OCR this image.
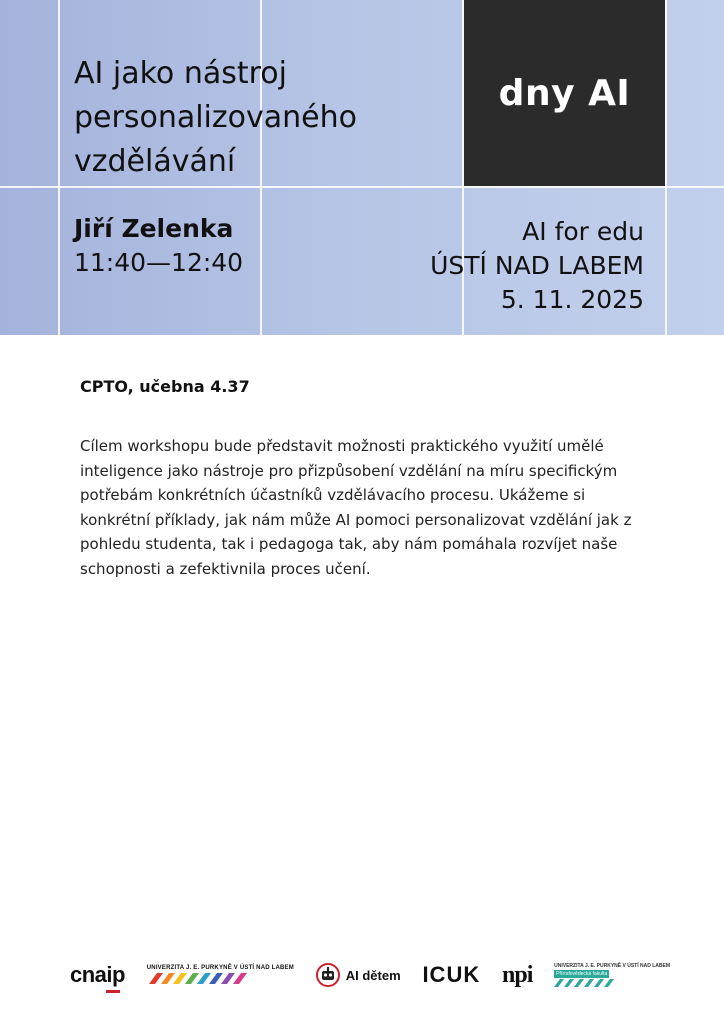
dny AI
AI jako nástroj personalizovaného vzdělávání
Jiří Zelenka
11:40—12:40
AI for edu
ÚSTÍ NAD LABEM
5. 11. 2025
CPTO, učebna 4.37

Cílem workshopu bude představit možnosti praktického využití umělé inteligence jako nástroje pro přizpůsobení vzdělání na míru specifickým potřebám konkrétních účastníků vzdělávacího procesu. Ukážeme si konkrétní příklady, jak nám může AI pomoci personalizovat vzdělání jak z pohledu studenta, tak i pedagoga tak, aby nám pomáhala rozvíjet naše schopnosti a zefektivnila proces učení.

cnaip	UNIVERZITA J. E. PURKYNĚ V ÚSTÍ NAD LABEM	AI dětem ICUK npi	UNIVERZITA J. E. PURKYNĚ V ÚSTÍ NAD LABEM
Přírodovědecká fakulta
